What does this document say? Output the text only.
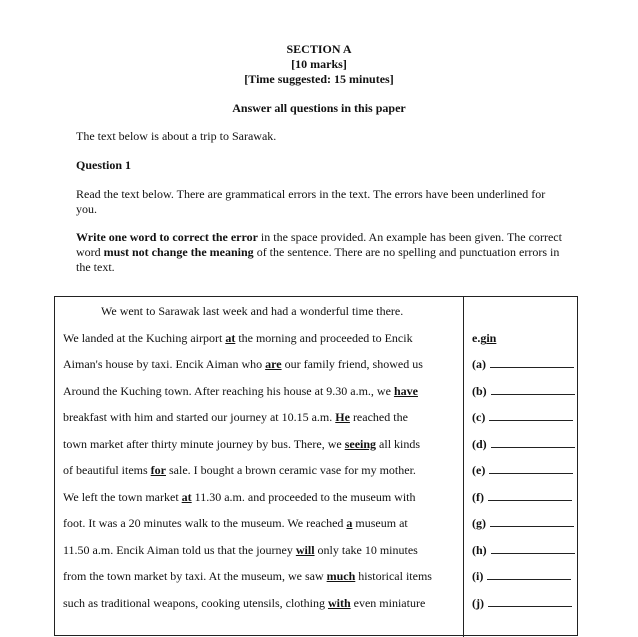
SECTION A
[10 marks]
[Time suggested: 15 minutes]
Answer all questions in this paper
The text below is about a trip to Sarawak.
Question 1
Read the text below. There are grammatical errors in the text. The errors have been underlined for you.
Write one word to correct the error in the space provided. An example has been given. The correct word must not change the meaning of the sentence. There are no spelling and punctuation errors in the text.
We went to Sarawak last week and had a wonderful time there.
We landed at the Kuching airport at the morning and proceeded to Encik
Aiman's house by taxi. Encik Aiman who are our family friend, showed us
Around the Kuching town. After reaching his house at 9.30 a.m., we have
breakfast with him and started our journey at 10.15 a.m. He reached the
town market after thirty minute journey by bus. There, we seeing all kinds
of beautiful items for sale. I bought a brown ceramic vase for my mother.
We left the town market at 11.30 a.m. and proceeded to the museum with
foot. It was a 20 minutes walk to the museum. We reached a museum at
11.50 a.m. Encik Aiman told us that the journey will only take 10 minutes
from the town market by taxi. At the museum, we saw much historical items
such as traditional weapons, cooking utensils, clothing with even miniature
e.gin
(a)
(b)
(c)
(d)
(e)
(f)
(g)
(h)
(i)
(j)
